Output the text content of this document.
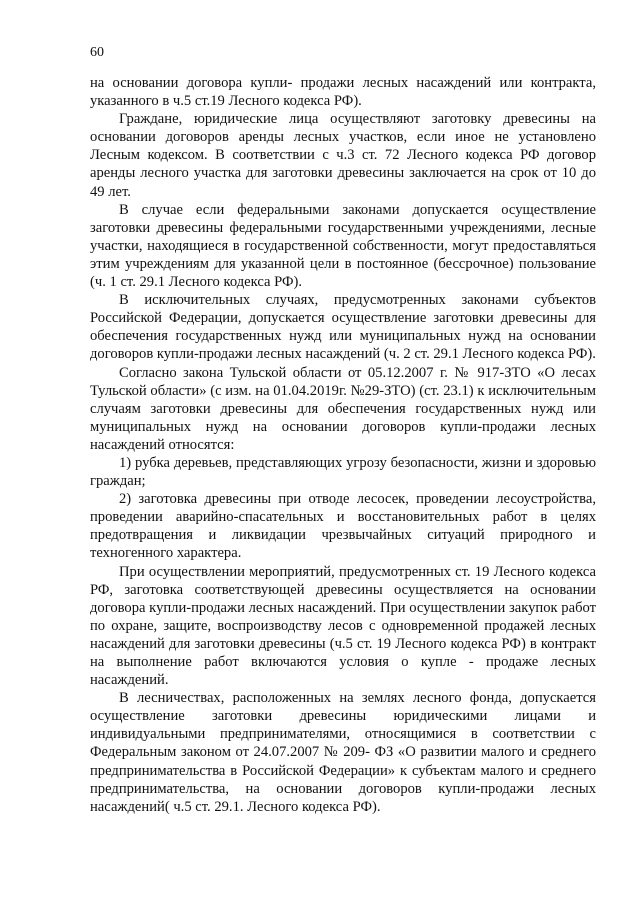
60

на основании договора купли- продажи лесных насаждений или контракта, указанного в ч.5 ст.19 Лесного кодекса РФ).

Граждане, юридические лица осуществляют заготовку древесины на основании договоров аренды лесных участков, если иное не установлено Лесным кодексом. В соответствии с ч.3 ст. 72 Лесного кодекса РФ договор аренды лесного участка для заготовки древесины заключается на срок от 10 до 49 лет.

В случае если федеральными законами допускается осуществление заготовки древесины федеральными государственными учреждениями, лесные участки, находящиеся в государственной собственности, могут предоставляться этим учреждениям для указанной цели в постоянное (бессрочное) пользование (ч. 1 ст. 29.1 Лесного кодекса РФ).

В исключительных случаях, предусмотренных законами субъектов Российской Федерации, допускается осуществление заготовки древесины для обеспечения государственных нужд или муниципальных нужд на основании договоров купли-продажи лесных насаждений (ч. 2 ст. 29.1 Лесного кодекса РФ).

Согласно закона Тульской области от 05.12.2007 г. № 917-ЗТО «О лесах Тульской области» (с изм. на 01.04.2019г. №29-ЗТО) (ст. 23.1) к исключительным случаям заготовки древесины для обеспечения государственных нужд или муниципальных нужд на основании договоров купли-продажи лесных насаждений относятся:

1) рубка деревьев, представляющих угрозу безопасности, жизни и здоровью граждан;

2) заготовка древесины при отводе лесосек, проведении лесоустройства, проведении аварийно-спасательных и восстановительных работ в целях предотвращения и ликвидации чрезвычайных ситуаций природного и техногенного характера.

При осуществлении мероприятий, предусмотренных ст. 19 Лесного кодекса РФ, заготовка соответствующей древесины осуществляется на основании договора купли-продажи лесных насаждений. При осуществлении закупок работ по охране, защите, воспроизводству лесов с одновременной продажей лесных насаждений для заготовки древесины (ч.5 ст. 19 Лесного кодекса РФ) в контракт на выполнение работ включаются условия о купле - продаже лесных насаждений.

В лесничествах, расположенных на землях лесного фонда, допускается осуществление заготовки древесины юридическими лицами и индивидуальными предпринимателями, относящимися в соответствии с Федеральным законом от 24.07.2007 № 209- ФЗ «О развитии малого и среднего предпринимательства в Российской Федерации» к субъектам малого и среднего предпринимательства, на основании договоров купли-продажи лесных насаждений( ч.5 ст. 29.1. Лесного кодекса РФ).
